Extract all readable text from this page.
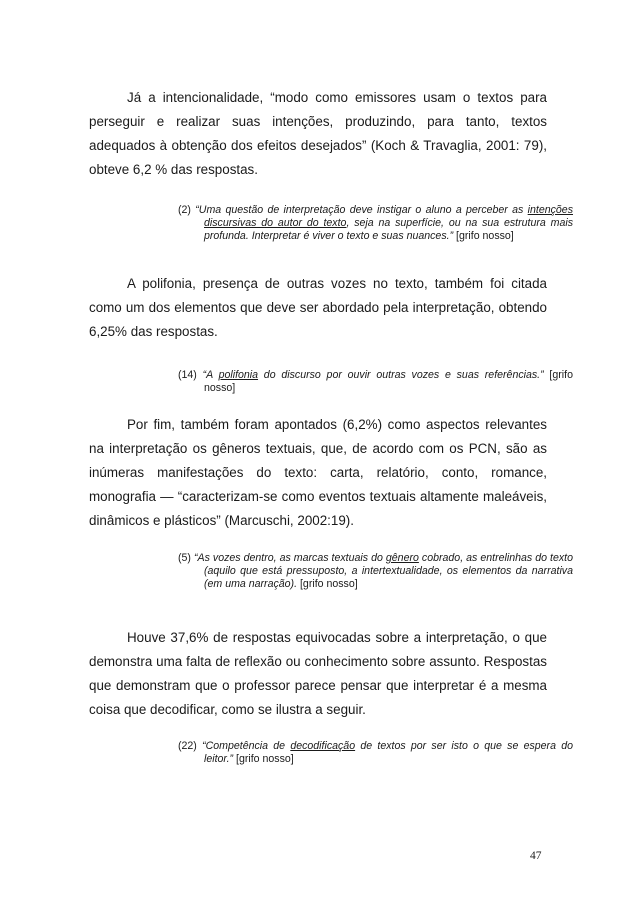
Já a intencionalidade, “modo como emissores usam o textos para perseguir e realizar suas intenções, produzindo, para tanto, textos adequados à obtenção dos efeitos desejados” (Koch & Travaglia, 2001: 79), obteve 6,2 % das respostas.

(2) “Uma questão de interpretação deve instigar o aluno a perceber as intenções discursivas do autor do texto, seja na superfície, ou na sua estrutura mais profunda. Interpretar é viver o texto e suas nuances.” [grifo nosso]

A polifonia, presença de outras vozes no texto, também foi citada como um dos elementos que deve ser abordado pela interpretação, obtendo 6,25% das respostas.

(14) “A polifonia do discurso por ouvir outras vozes e suas referências.” [grifo nosso]

Por fim, também foram apontados (6,2%) como aspectos relevantes na interpretação os gêneros textuais, que, de acordo com os PCN, são as inúmeras manifestações do texto: carta, relatório, conto, romance, monografia — “caracterizam-se como eventos textuais altamente maleáveis, dinâmicos e plásticos” (Marcuschi, 2002:19).

(5) “As vozes dentro, as marcas textuais do gênero cobrado, as entrelinhas do texto (aquilo que está pressuposto, a intertextualidade, os elementos da narrativa (em uma narração). [grifo nosso]

Houve 37,6% de respostas equivocadas sobre a interpretação, o que demonstra uma falta de reflexão ou conhecimento sobre assunto. Respostas que demonstram que o professor parece pensar que interpretar é a mesma coisa que decodificar, como se ilustra a seguir.

(22) “Competência de decodificação de textos por ser isto o que se espera do leitor.” [grifo nosso]

47
